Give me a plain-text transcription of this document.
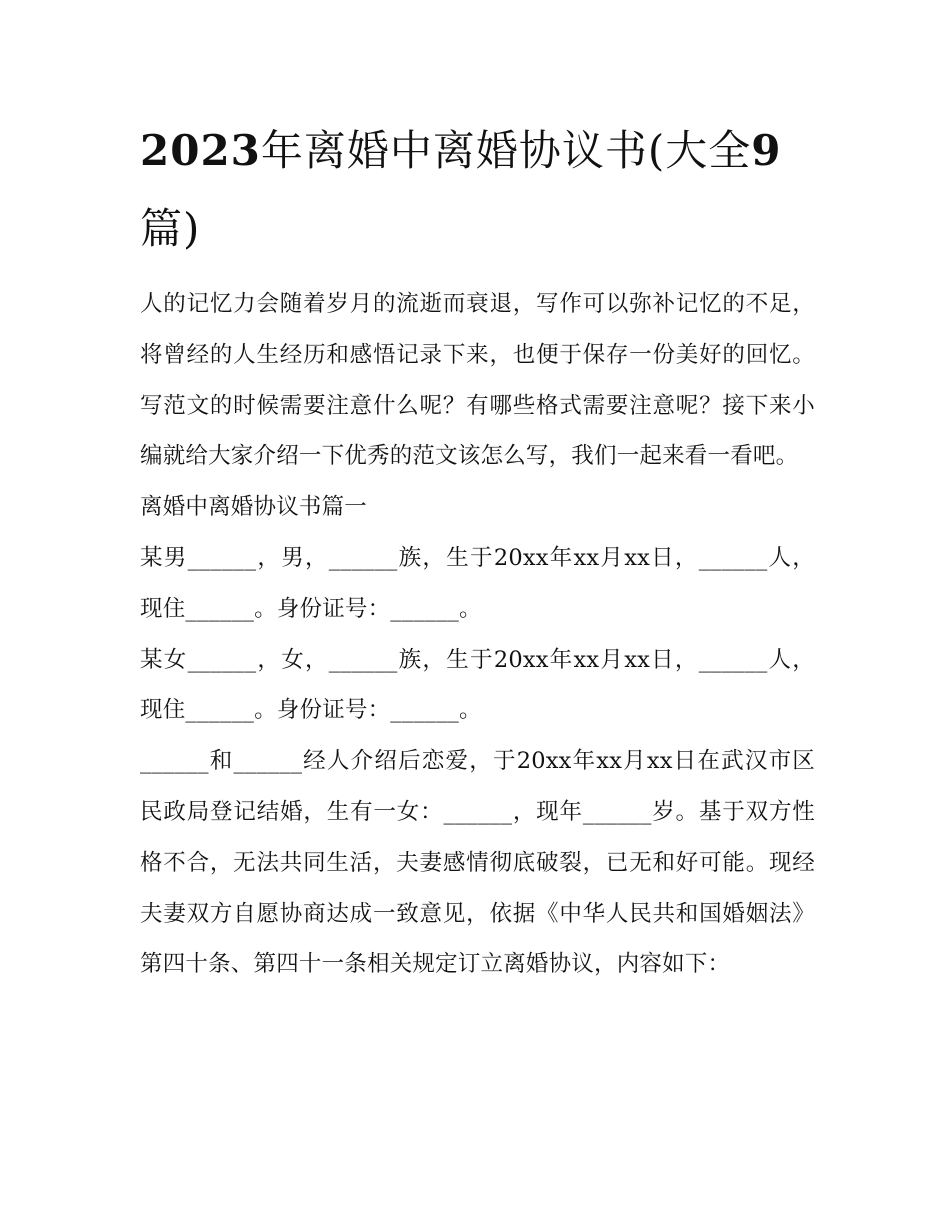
2023年离婚中离婚协议书(大全9篇)

人的记忆力会随着岁月的流逝而衰退，写作可以弥补记忆的不足，将曾经的人生经历和感悟记录下来，也便于保存一份美好的回忆。写范文的时候需要注意什么呢？有哪些格式需要注意呢？接下来小编就给大家介绍一下优秀的范文该怎么写，我们一起来看一看吧。

离婚中离婚协议书篇一

某男______，男，______族，生于20xx年xx月xx日，______人，现住______。身份证号：______。

某女______，女，______族，生于20xx年xx月xx日，______人，现住______。身份证号：______。

______和______经人介绍后恋爱，于20xx年xx月xx日在武汉市区民政局登记结婚，生有一女：______，现年______岁。基于双方性格不合，无法共同生活，夫妻感情彻底破裂，已无和好可能。现经夫妻双方自愿协商达成一致意见，依据《中华人民共和国婚姻法》第四十条、第四十一条相关规定订立离婚协议，内容如下：
